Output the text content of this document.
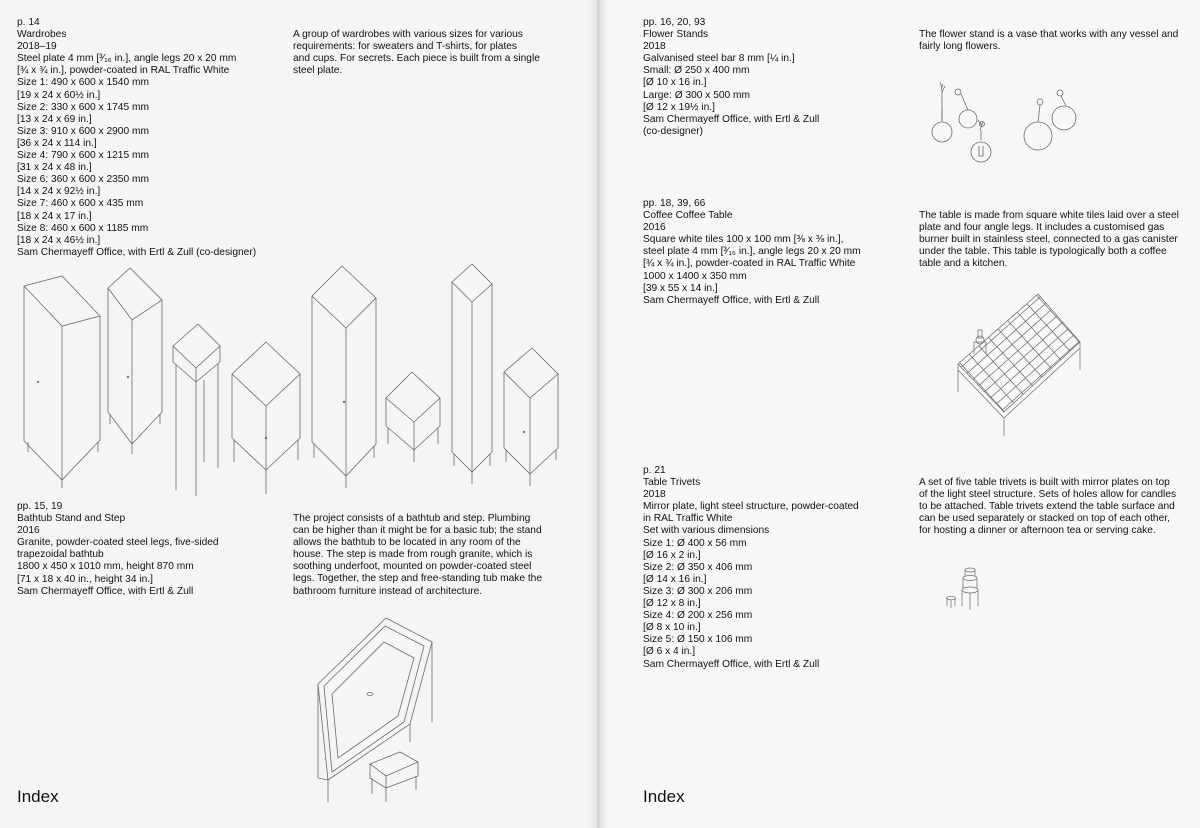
p. 14
Wardrobes
2018–19
Steel plate 4 mm [³⁄₁₆ in.], angle legs 20 x 20 mm
[¾ x ¾ in.], powder-coated in RAL Traffic White
Size 1: 490 x 600 x 1540 mm
[19 x 24 x 60½ in.]
Size 2: 330 x 600 x 1745 mm
[13 x 24 x 69 in.]
Size 3: 910 x 600 x 2900 mm
[36 x 24 x 114 in.]
Size 4: 790 x 600 x 1215 mm
[31 x 24 x 48 in.]
Size 6: 360 x 600 x 2350 mm
[14 x 24 x 92½ in.]
Size 7: 460 x 600 x 435 mm
[18 x 24 x 17 in.]
Size 8: 460 x 600 x 1185 mm
[18 x 24 x 46½ in.]
Sam Chermayeff Office, with Ertl & Zull (co-designer)
A group of wardrobes with various sizes for various
requirements: for sweaters and T-shirts, for plates
and cups. For secrets. Each piece is built from a single
steel plate.
pp. 15, 19
Bathtub Stand and Step
2016
Granite, powder-coated steel legs, five-sided
trapezoidal bathtub
1800 x 450 x 1010 mm, height 870 mm
[71 x 18 x 40 in., height 34 in.]
Sam Chermayeff Office, with Ertl & Zull
The project consists of a bathtub and step. Plumbing
can be higher than it might be for a basic tub; the stand
allows the bathtub to be located in any room of the
house. The step is made from rough granite, which is
soothing underfoot, mounted on powder-coated steel
legs. Together, the step and free-standing tub make the
bathroom furniture instead of architecture.
Index
pp. 16, 20, 93
Flower Stands
2018
Galvanised steel bar 8 mm [¼ in.]
Small: Ø 250 x 400 mm
[Ø 10 x 16 in.]
Large: Ø 300 x 500 mm
[Ø 12 x 19½ in.]
Sam Chermayeff Office, with Ertl & Zull
(co-designer)
The flower stand is a vase that works with any vessel and
fairly long flowers.
pp. 18, 39, 66
Coffee Coffee Table
2016
Square white tiles 100 x 100 mm [⅜ x ⅜ in.],
steel plate 4 mm [³⁄₁₆ in.], angle legs 20 x 20 mm
[¾ x ¾ in.], powder-coated in RAL Traffic White
1000 x 1400 x 350 mm
[39 x 55 x 14 in.]
Sam Chermayeff Office, with Ertl & Zull
The table is made from square white tiles laid over a steel
plate and four angle legs. It includes a customised gas
burner built in stainless steel, connected to a gas canister
under the table. This table is typologically both a coffee
table and a kitchen.
p. 21
Table Trivets
2018
Mirror plate, light steel structure, powder-coated
in RAL Traffic White
Set with various dimensions
Size 1: Ø 400 x 56 mm
[Ø 16 x 2 in.]
Size 2: Ø 350 x 406 mm
[Ø 14 x 16 in.]
Size 3: Ø 300 x 206 mm
[Ø 12 x 8 in.]
Size 4: Ø 200 x 256 mm
[Ø 8 x 10 in.]
Size 5: Ø 150 x 106 mm
[Ø 6 x 4 in.]
Sam Chermayeff Office, with Ertl & Zull
A set of five table trivets is built with mirror plates on top
of the light steel structure. Sets of holes allow for candles
to be attached. Table trivets extend the table surface and
can be used separately or stacked on top of each other,
for hosting a dinner or afternoon tea or serving cake.
Index
